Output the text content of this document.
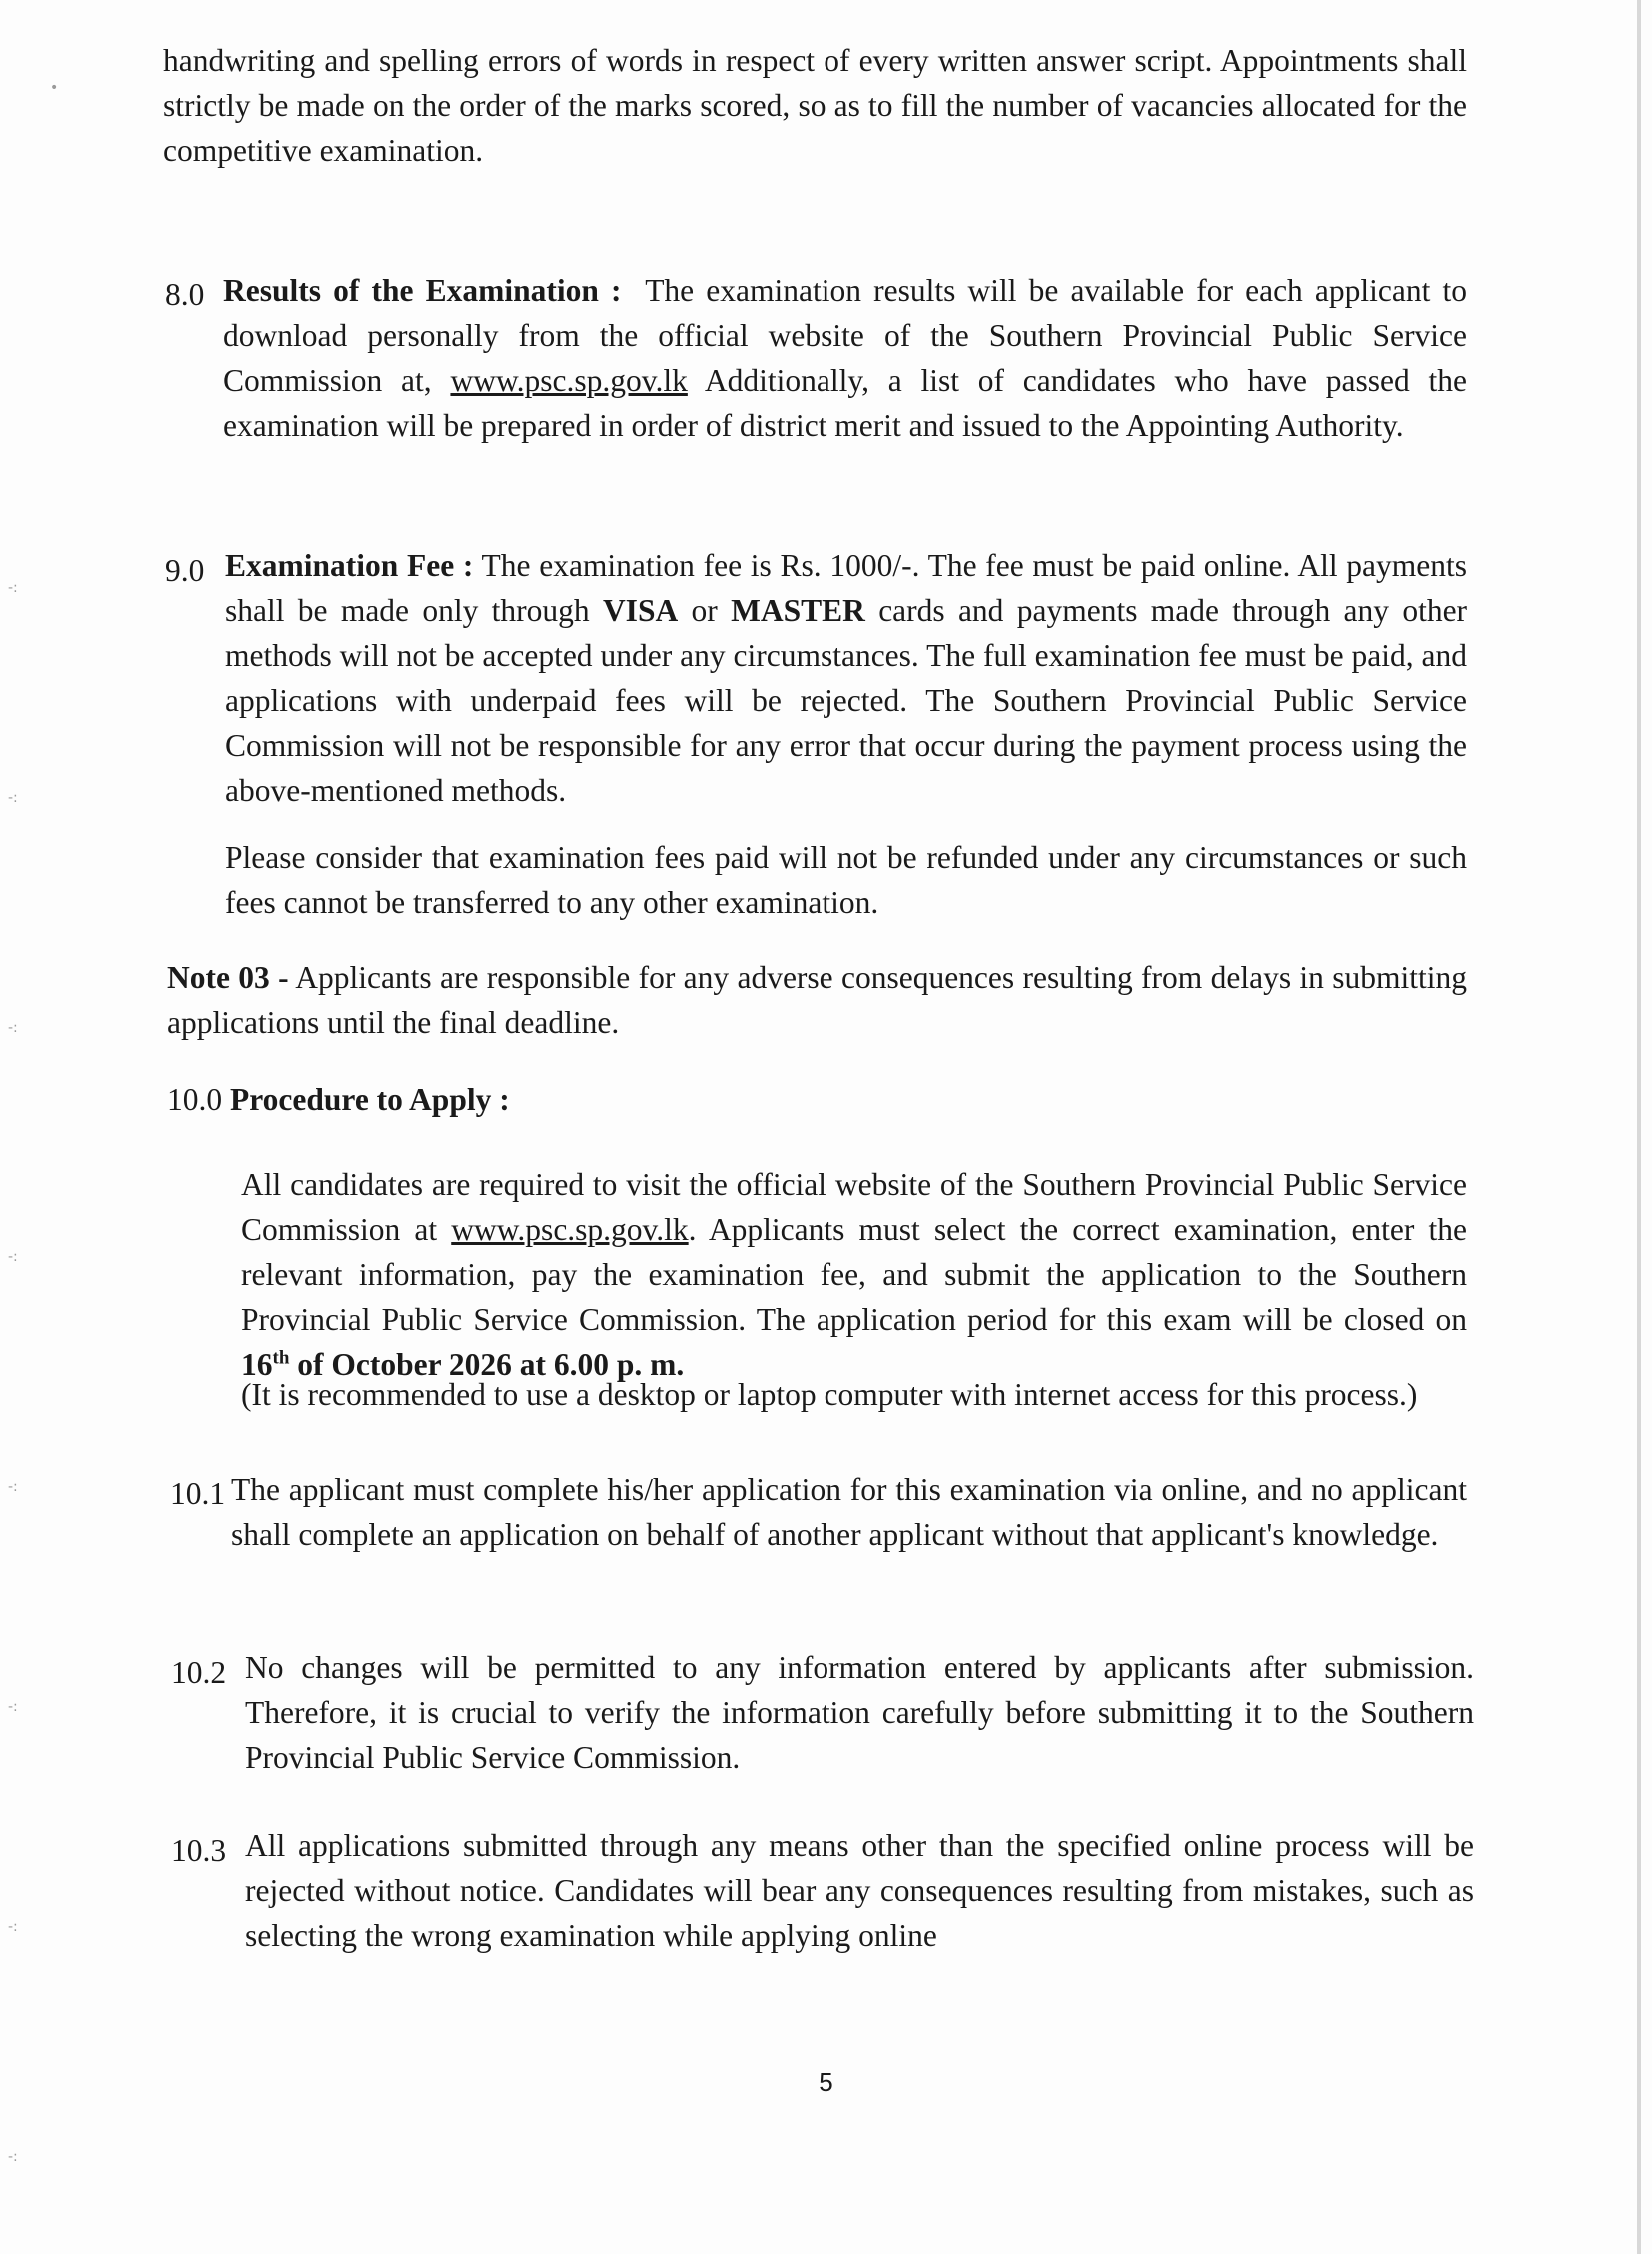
handwriting and spelling errors of words in respect of every written answer script. Appointments shall strictly be made on the order of the marks scored, so as to fill the number of vacancies allocated for the competitive examination.

8.0 Results of the Examination : The examination results will be available for each applicant to download personally from the official website of the Southern Provincial Public Service Commission at, www.psc.sp.gov.lk Additionally, a list of candidates who have passed the examination will be prepared in order of district merit and issued to the Appointing Authority.

9.0 Examination Fee : The examination fee is Rs. 1000/-. The fee must be paid online. All payments shall be made only through VISA or MASTER cards and payments made through any other methods will not be accepted under any circumstances. The full examination fee must be paid, and applications with underpaid fees will be rejected. The Southern Provincial Public Service Commission will not be responsible for any error that occur during the payment process using the above-mentioned methods.

Please consider that examination fees paid will not be refunded under any circumstances or such fees cannot be transferred to any other examination.

Note 03 - Applicants are responsible for any adverse consequences resulting from delays in submitting applications until the final deadline.

10.0 Procedure to Apply :

All candidates are required to visit the official website of the Southern Provincial Public Service Commission at www.psc.sp.gov.lk. Applicants must select the correct examination, enter the relevant information, pay the examination fee, and submit the application to the Southern Provincial Public Service Commission. The application period for this exam will be closed on 16th of October 2026 at 6.00 p. m.

(It is recommended to use a desktop or laptop computer with internet access for this process.)

10.1 The applicant must complete his/her application for this examination via online, and no applicant shall complete an application on behalf of another applicant without that applicant's knowledge.

10.2 No changes will be permitted to any information entered by applicants after submission. Therefore, it is crucial to verify the information carefully before submitting it to the Southern Provincial Public Service Commission.

10.3 All applications submitted through any means other than the specified online process will be rejected without notice. Candidates will bear any consequences resulting from mistakes, such as selecting the wrong examination while applying online

5
•
-:
-:
-:
-:
-:
-:
-:
-:
